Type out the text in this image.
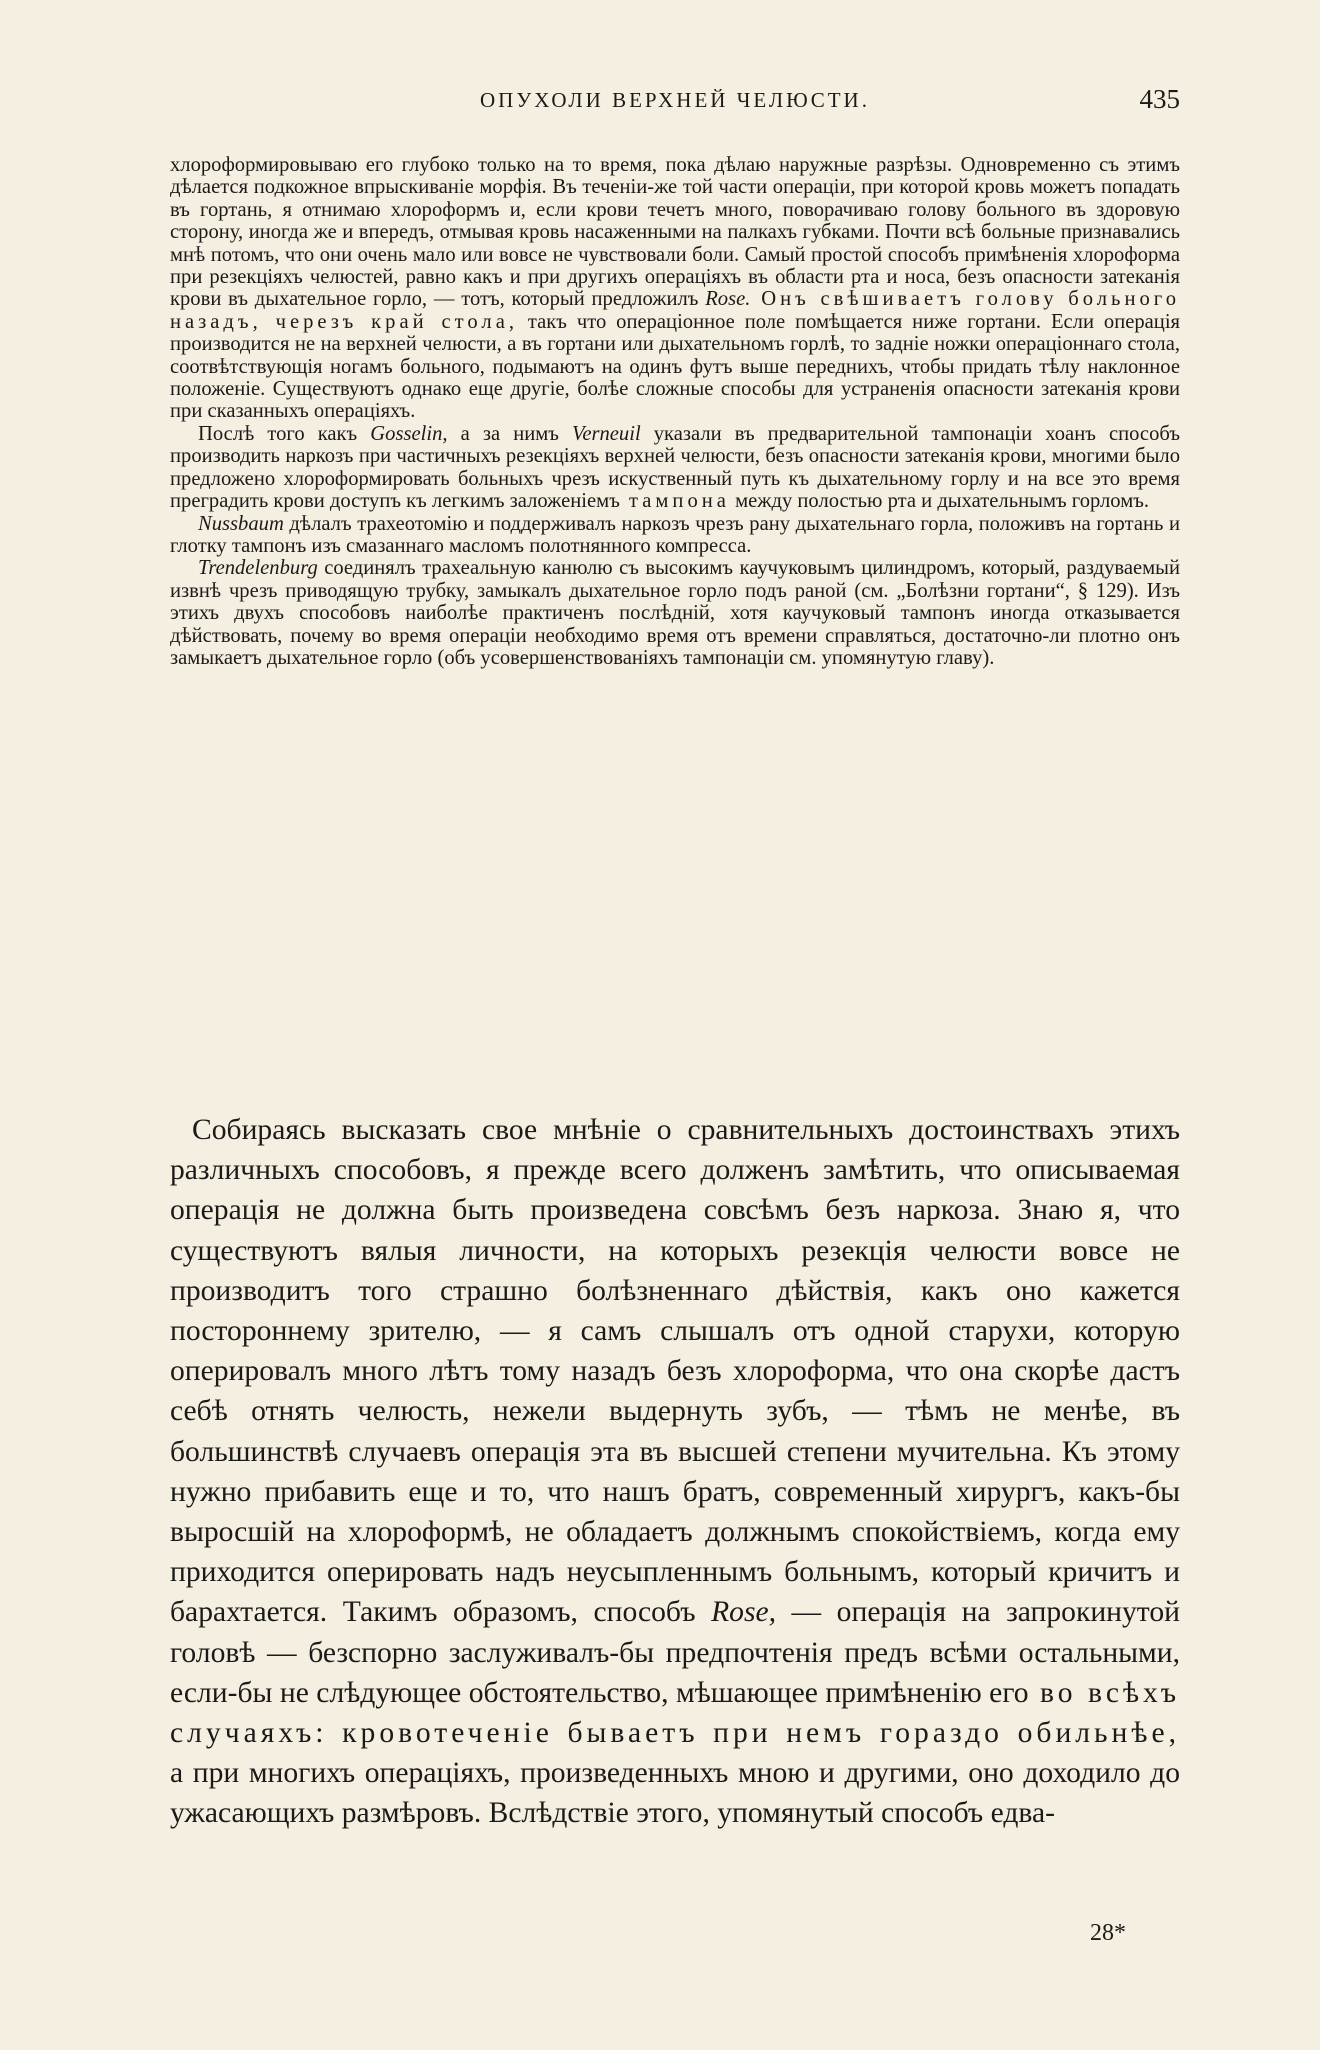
ОПУХОЛИ ВЕРХНЕЙ ЧЕЛЮСТИ.	435

хлороформировываю его глубоко только на то время, пока дѣлаю наружные разрѣзы. Одновременно съ этимъ дѣлается подкожное впрыскиваніе морфія. Въ теченіи-же той части операціи, при которой кровь можетъ попадать въ гортань, я отнимаю хлороформъ и, если крови течетъ много, поворачиваю голову больного въ здоровую сторону, иногда же и впередъ, отмывая кровь насаженными на палкахъ губками. Почти всѣ больные признавались мнѣ потомъ, что они очень мало или вовсе не чувствовали боли. Самый простой способъ примѣненія хлороформа при резекціяхъ челюстей, равно какъ и при другихъ операціяхъ въ области рта и носа, безъ опасности затеканія крови въ дыхательное горло, — тотъ, который предложилъ Rose. Онъ свѣшиваетъ голову больного назадъ, черезъ край стола, такъ что операціонное поле помѣщается ниже гортани. Если операція производится не на верхней челюсти, а въ гортани или дыхательномъ горлѣ, то задніе ножки операціоннаго стола, соотвѣтствующія ногамъ больного, подымаютъ на одинъ футъ выше переднихъ, чтобы придать тѣлу наклонное положеніе. Существуютъ однако еще другіе, болѣе сложные способы для устраненія опасности затеканія крови при сказанныхъ операціяхъ.

Послѣ того какъ Gosselin, а за нимъ Verneuil указали въ предварительной тампонаціи хоанъ способъ производить наркозъ при частичныхъ резекціяхъ верхней челюсти, безъ опасности затеканія крови, многими было предложено хлороформировать больныхъ чрезъ искуственный путь къ дыхательному горлу и на все это время преградить крови доступъ къ легкимъ заложеніемъ тампона между полостью рта и дыхательнымъ горломъ.

Nussbaum дѣлалъ трахеотомію и поддерживалъ наркозъ чрезъ рану дыхательнаго горла, положивъ на гортань и глотку тампонъ изъ смазаннаго масломъ полотнянного компресса.

Trendelenburg соединялъ трахеальную канюлю съ высокимъ каучуковымъ цилиндромъ, который, раздуваемый извнѣ чрезъ приводящую трубку, замыкалъ дыхательное горло подъ раной (см. „Болѣзни гортани“, § 129). Изъ этихъ двухъ способовъ наиболѣе практиченъ послѣдній, хотя каучуковый тампонъ иногда отказывается дѣйствовать, почему во время операціи необходимо время отъ времени справляться, достаточно-ли плотно онъ замыкаетъ дыхательное горло (объ усовершенствованіяхъ тампонаціи см. упомянутую главу).

Собираясь высказать свое мнѣніе о сравнительныхъ достоинствахъ этихъ различныхъ способовъ, я прежде всего долженъ замѣтить, что описываемая операція не должна быть произведена совсѣмъ безъ наркоза. Знаю я, что существуютъ вялыя личности, на которыхъ резекція челюсти вовсе не производитъ того страшно болѣзненнаго дѣйствія, какъ оно кажется постороннему зрителю, — я самъ слышалъ отъ одной старухи, которую оперировалъ много лѣтъ тому назадъ безъ хлороформа, что она скорѣе дастъ себѣ отнять челюсть, нежели выдернуть зубъ, — тѣмъ не менѣе, въ большинствѣ случаевъ операція эта въ высшей степени мучительна. Къ этому нужно прибавить еще и то, что нашъ братъ, современный хирургъ, какъ-бы выросшій на хлороформѣ, не обладаетъ должнымъ спокойствіемъ, когда ему приходится оперировать надъ неусыпленнымъ больнымъ, который кричитъ и барахтается. Такимъ образомъ, способъ Rose, — операція на запрокинутой головѣ — безспорно заслуживалъ-бы предпочтенія предъ всѣми остальными, если-бы не слѣдующее обстоятельство, мѣшающее примѣненію его во всѣхъ случаяхъ: кровотеченіе бываетъ при немъ гораздо обильнѣе, а при многихъ операціяхъ, произведенныхъ мною и другими, оно доходило до ужасающихъ размѣровъ. Вслѣдствіе этого, упомянутый способъ едва-

28*
